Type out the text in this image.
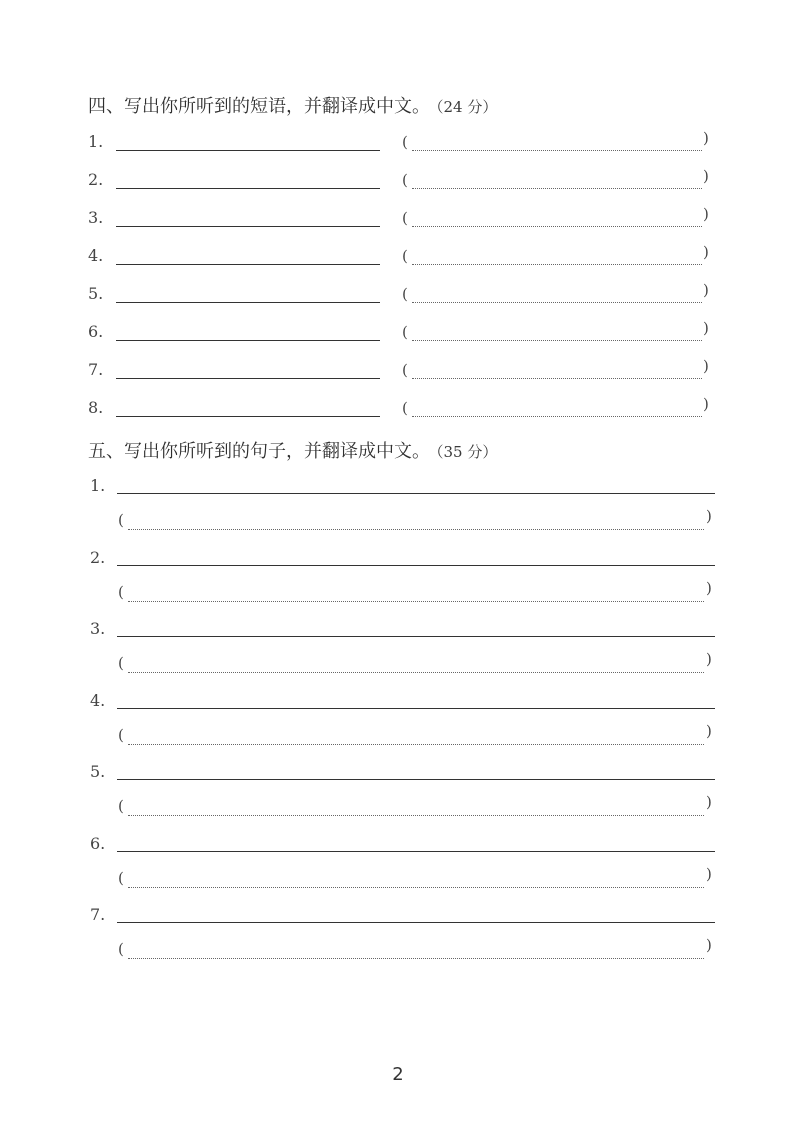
四、写出你所听到的短语，并翻译成中文。 （24 分）
1.	(	)
2.	(	)
3.	(	)
4.	(	)
5.	(	)
6.	(	)
7.	(	)
8.	(	)
五、写出你所听到的句子，并翻译成中文。 （35 分）
1.
(	)
2.
(	)
3.
(	)
4.
(	)
5.
(	)
6.
(	)
7.
(	)
2
